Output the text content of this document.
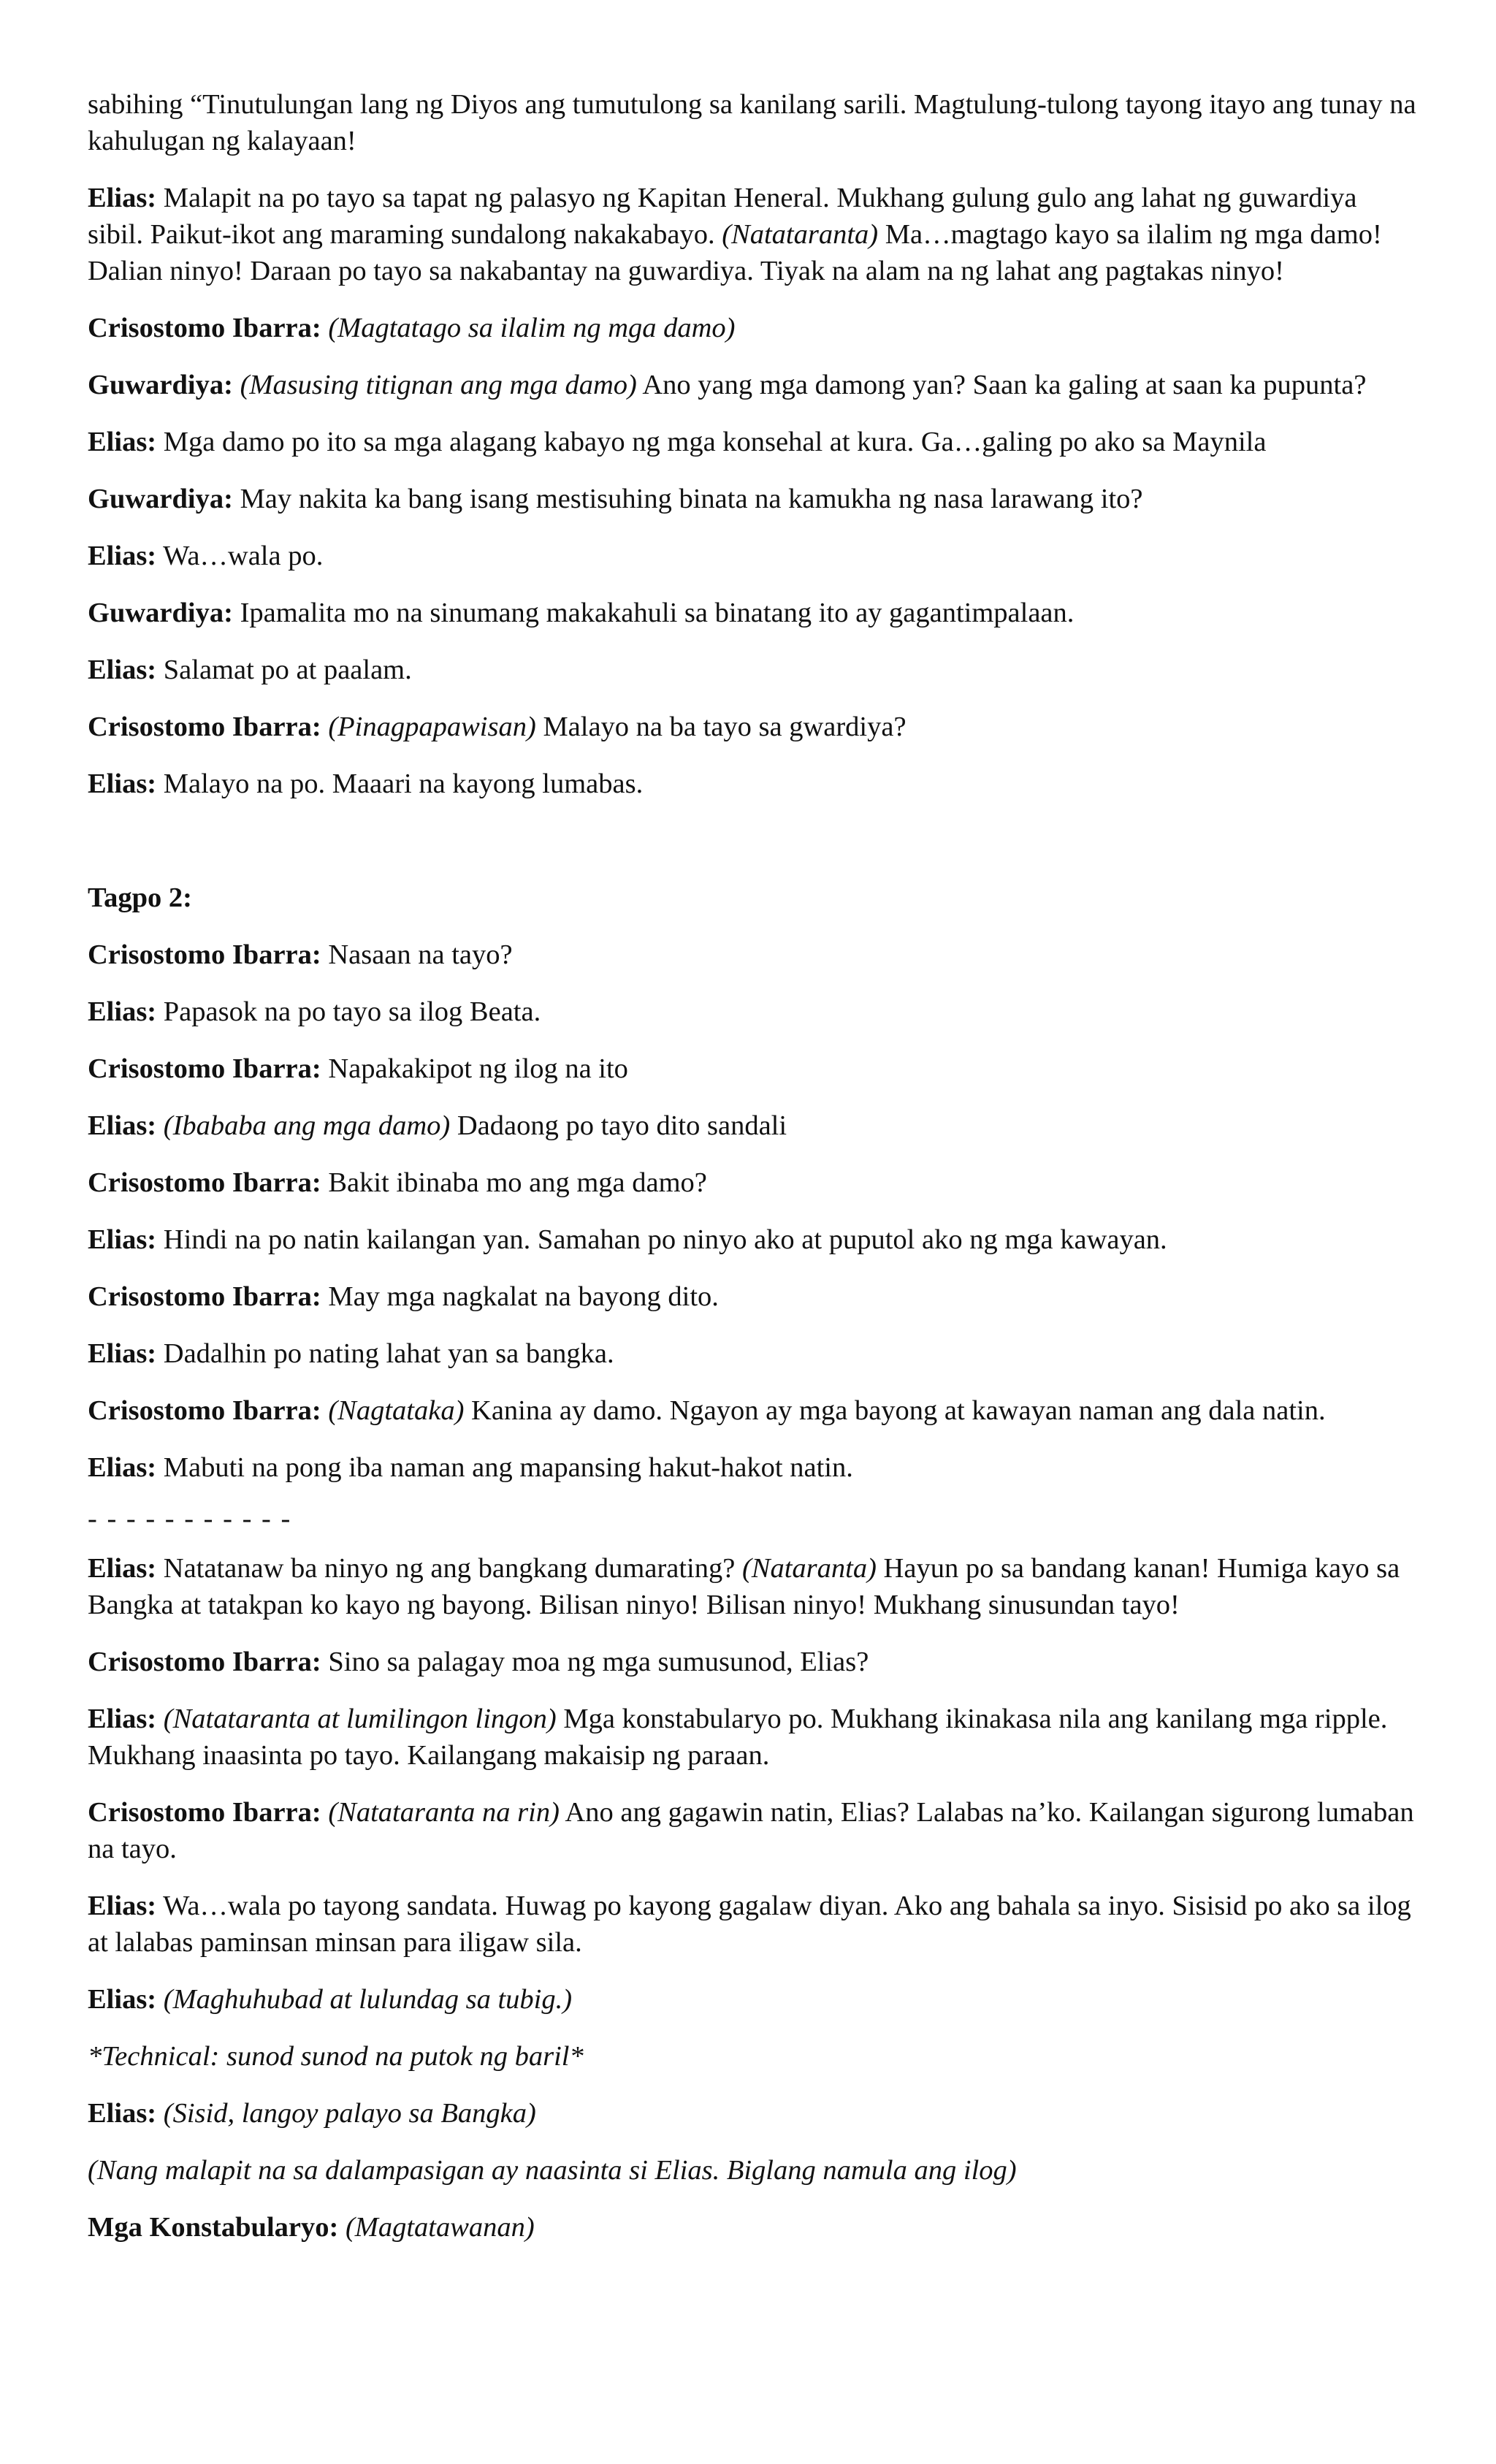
sabihing “Tinutulungan lang ng Diyos ang tumutulong sa kanilang sarili. Magtulung-tulong tayong itayo ang tunay na kahulugan ng kalayaan!

Elias: Malapit na po tayo sa tapat ng palasyo ng Kapitan Heneral. Mukhang gulung gulo ang lahat ng guwardiya sibil. Paikut-ikot ang maraming sundalong nakakabayo. (Natataranta) Ma…magtago kayo sa ilalim ng mga damo! Dalian ninyo! Daraan po tayo sa nakabantay na guwardiya. Tiyak na alam na ng lahat ang pagtakas ninyo!

Crisostomo Ibarra: (Magtatago sa ilalim ng mga damo)

Guwardiya: (Masusing titignan ang mga damo) Ano yang mga damong yan? Saan ka galing at saan ka pupunta?

Elias: Mga damo po ito sa mga alagang kabayo ng mga konsehal at kura. Ga…galing po ako sa Maynila

Guwardiya: May nakita ka bang isang mestisuhing binata na kamukha ng nasa larawang ito?

Elias: Wa…wala po.

Guwardiya: Ipamalita mo na sinumang makakahuli sa binatang ito ay gagantimpalaan.

Elias: Salamat po at paalam.

Crisostomo Ibarra: (Pinagpapawisan) Malayo na ba tayo sa gwardiya?

Elias: Malayo na po. Maaari na kayong lumabas.

Tagpo 2:

Crisostomo Ibarra: Nasaan na tayo?

Elias: Papasok na po tayo sa ilog Beata.

Crisostomo Ibarra: Napakakipot ng ilog na ito

Elias: (Ibababa ang mga damo) Dadaong po tayo dito sandali

Crisostomo Ibarra: Bakit ibinaba mo ang mga damo?

Elias: Hindi na po natin kailangan yan. Samahan po ninyo ako at puputol ako ng mga kawayan.

Crisostomo Ibarra: May mga nagkalat na bayong dito.

Elias: Dadalhin po nating lahat yan sa bangka.

Crisostomo Ibarra: (Nagtataka) Kanina ay damo. Ngayon ay mga bayong at kawayan naman ang dala natin.

Elias: Mabuti na pong iba naman ang mapansing hakut-hakot natin.

- - - - - - - - - - -

Elias: Natatanaw ba ninyo ng ang bangkang dumarating? (Nataranta) Hayun po sa bandang kanan! Humiga kayo sa Bangka at tatakpan ko kayo ng bayong. Bilisan ninyo! Bilisan ninyo! Mukhang sinusundan tayo!

Crisostomo Ibarra: Sino sa palagay moa ng mga sumusunod, Elias?

Elias: (Natataranta at lumilingon lingon) Mga konstabularyo po. Mukhang ikinakasa nila ang kanilang mga ripple. Mukhang inaasinta po tayo. Kailangang makaisip ng paraan.

Crisostomo Ibarra: (Natataranta na rin) Ano ang gagawin natin, Elias? Lalabas na’ko. Kailangan sigurong lumaban na tayo.

Elias: Wa…wala po tayong sandata. Huwag po kayong gagalaw diyan. Ako ang bahala sa inyo. Sisisid po ako sa ilog at lalabas paminsan minsan para iligaw sila.

Elias: (Maghuhubad at lulundag sa tubig.)

*Technical: sunod sunod na putok ng baril*

Elias: (Sisid, langoy palayo sa Bangka)

(Nang malapit na sa dalampasigan ay naasinta si Elias. Biglang namula ang ilog)

Mga Konstabularyo: (Magtatawanan)
